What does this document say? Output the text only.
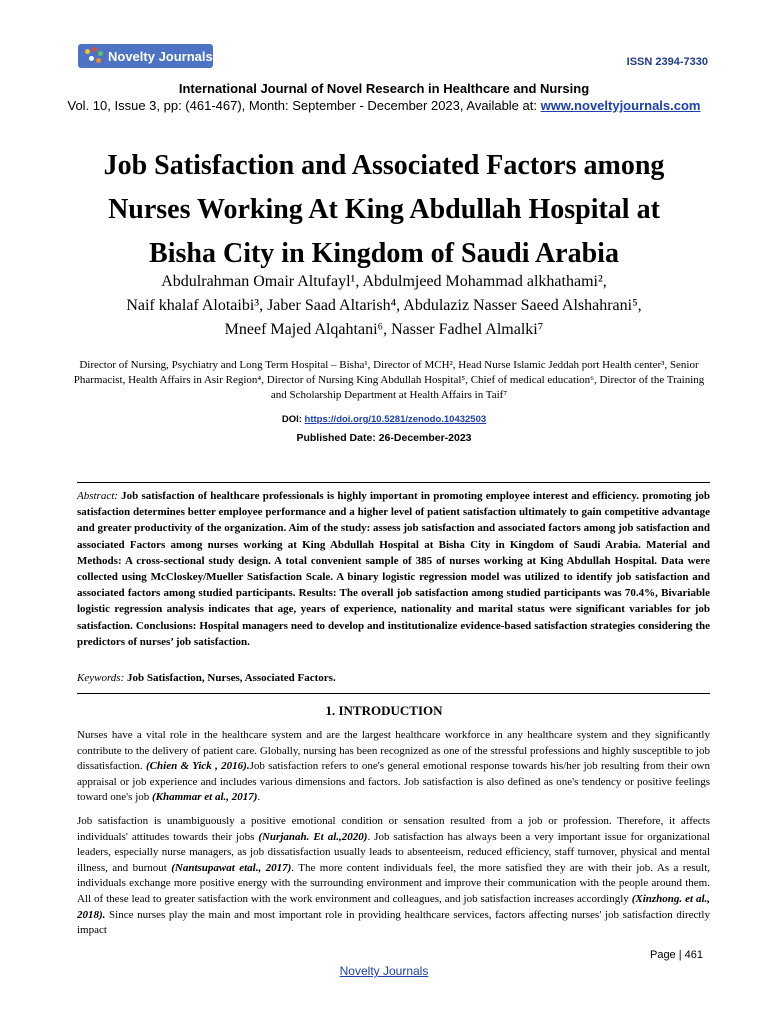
Novelty Journals	ISSN 2394-7330
International Journal of Novel Research in Healthcare and Nursing
Vol. 10, Issue 3, pp: (461-467), Month: September - December 2023, Available at: www.noveltyjournals.com
Job Satisfaction and Associated Factors among
Nurses Working At King Abdullah Hospital at
Bisha City in Kingdom of Saudi Arabia
Abdulrahman Omair Altufayl¹, Abdulmjeed Mohammad alkhathami²,
Naif khalaf Alotaibi³, Jaber Saad Altarish⁴, Abdulaziz Nasser Saeed Alshahrani⁵,
Mneef Majed Alqahtani⁶, Nasser Fadhel Almalki⁷
Director of Nursing, Psychiatry and Long Term Hospital – Bisha¹, Director of MCH², Head Nurse Islamic Jeddah port Health center³, Senior Pharmacist, Health Affairs in Asir Region⁴, Director of Nursing King Abdullah Hospital⁵, Chief of medical education⁶, Director of the Training and Scholarship Department at Health Affairs in Taif⁷
DOI: https://doi.org/10.5281/zenodo.10432503
Published Date: 26-December-2023
Abstract: Job satisfaction of healthcare professionals is highly important in promoting employee interest and efficiency. promoting job satisfaction determines better employee performance and a higher level of patient satisfaction ultimately to gain competitive advantage and greater productivity of the organization. Aim of the study: assess job satisfaction and associated factors among job satisfaction and associated Factors among nurses working at King Abdullah Hospital at Bisha City in Kingdom of Saudi Arabia. Material and Methods: A cross-sectional study design. A total convenient sample of 385 of nurses working at King Abdullah Hospital. Data were collected using McCloskey/Mueller Satisfaction Scale. A binary logistic regression model was utilized to identify job satisfaction and associated factors among studied participants. Results: The overall job satisfaction among studied participants was 70.4%, Bivariable logistic regression analysis indicates that age, years of experience, nationality and marital status were significant variables for job satisfaction. Conclusions: Hospital managers need to develop and institutionalize evidence-based satisfaction strategies considering the predictors of nurses’ job satisfaction.
Keywords: Job Satisfaction, Nurses, Associated Factors.
1. INTRODUCTION

Nurses have a vital role in the healthcare system and are the largest healthcare workforce in any healthcare system and they significantly contribute to the delivery of patient care. Globally, nursing has been recognized as one of the stressful professions and highly susceptible to job dissatisfaction. (Chien & Yick , 2016).Job satisfaction refers to one's general emotional response towards his/her job resulting from their own appraisal or job experience and includes various dimensions and factors. Job satisfaction is also defined as one's tendency or positive feelings toward one's job (Khammar et al., 2017).

Job satisfaction is unambiguously a positive emotional condition or sensation resulted from a job or profession. Therefore, it affects individuals' attitudes towards their jobs (Nurjanah. Et al.,2020). Job satisfaction has always been a very important issue for organizational leaders, especially nurse managers, as job dissatisfaction usually leads to absenteeism, reduced efficiency, staff turnover, physical and mental illness, and burnout (Nantsupawat etal., 2017). The more content individuals feel, the more satisfied they are with their job. As a result, individuals exchange more positive energy with the surrounding environment and improve their communication with the people around them. All of these lead to greater satisfaction with the work environment and colleagues, and job satisfaction increases accordingly (Xinzhong. et al., 2018). Since nurses play the main and most important role in providing healthcare services, factors affecting nurses' job satisfaction directly impact

Page | 461
Novelty Journals
